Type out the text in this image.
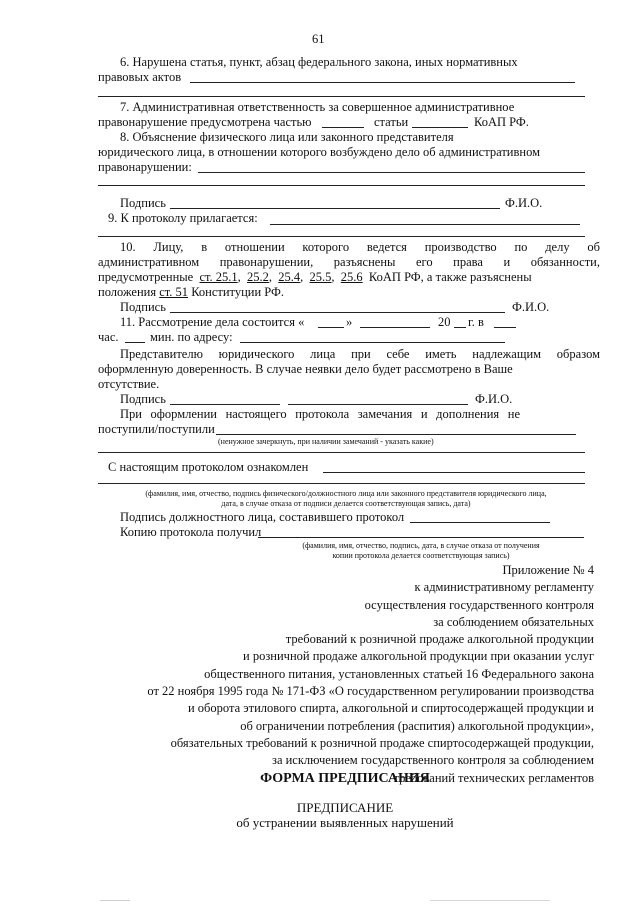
61
6. Нарушена статья, пункт, абзац федерального закона, иных нормативных
правовых актов
7. Административная ответственность за совершенное административное
правонарушение предусмотрена частью	статьи	КоАП РФ.
8. Объяснение физического лица или законного представителя
юридического лица, в отношении которого возбуждено дело об административном
правонарушении:
Подпись	Ф.И.О.
9. К протоколу прилагается:
10. Лицу, в отношении которого ведется производство по делу об
административном правонарушении, разъяснены его права и обязанности,
предусмотренные ст. 25.1,  25.2,  25.4,  25.5,  25.6 КоАП РФ, а также разъяснены
положения ст. 51 Конституции РФ.
Подпись	Ф.И.О.
11. Рассмотрение дела состоится «	»	20 г. в
час.	мин. по адресу:
Представителю юридического лица при себе иметь надлежащим образом
оформленную доверенность. В случае неявки дело будет рассмотрено в Ваше
отсутствие.
Подпись	Ф.И.О.
При оформлении настоящего протокола замечания и дополнения не
поступили/поступили
(ненужное зачеркнуть, при наличии замечаний - указать какие)
С настоящим протоколом ознакомлен
(фамилия, имя, отчество, подпись физического/должностного лица или законного представителя юридического лица,
дата, в случае отказа от подписи делается соответствующая запись, дата)
Подпись должностного лица, составившего протокол
Копию протокола получил
(фамилия, имя, отчество, подпись, дата, в случае отказа от получения
копии протокола делается соответствующая запись)
Приложение № 4
к административному регламенту
осуществления государственного контроля
за соблюдением обязательных
требований к розничной продаже алкогольной продукции
и розничной продаже алкогольной продукции при оказании услуг
общественного питания, установленных статьей 16 Федерального закона
от 22 ноября 1995 года № 171-ФЗ «О государственном регулировании производства
и оборота этилового спирта, алкогольной и спиртосодержащей продукции и
об ограничении потребления (распития) алкогольной продукции»,
обязательных требований к розничной продаже спиртосодержащей продукции,
за исключением государственного контроля за соблюдением
требований технических регламентов
ФОРМА ПРЕДПИСАНИЯ
ПРЕДПИСАНИЕ
об устранении выявленных нарушений
